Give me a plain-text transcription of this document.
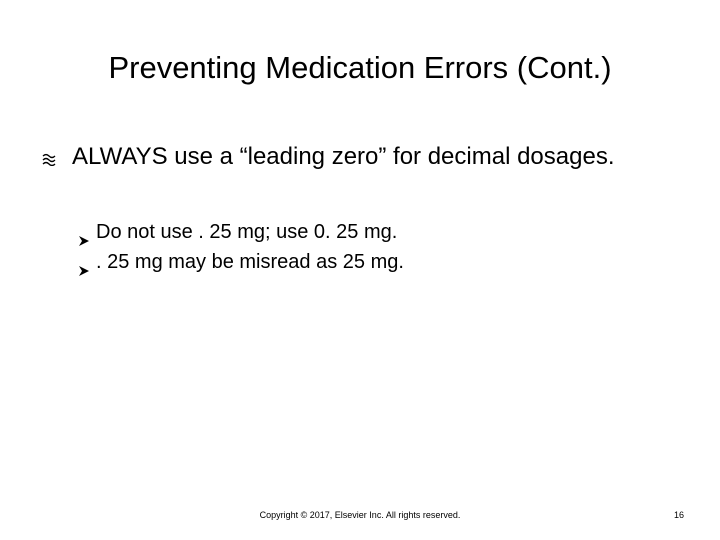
Preventing Medication Errors (Cont.)
ALWAYS use a “leading zero” for decimal dosages.
Do not use . 25 mg; use 0. 25 mg.
. 25 mg may be misread as 25 mg.
Copyright © 2017, Elsevier Inc. All rights reserved.	16
